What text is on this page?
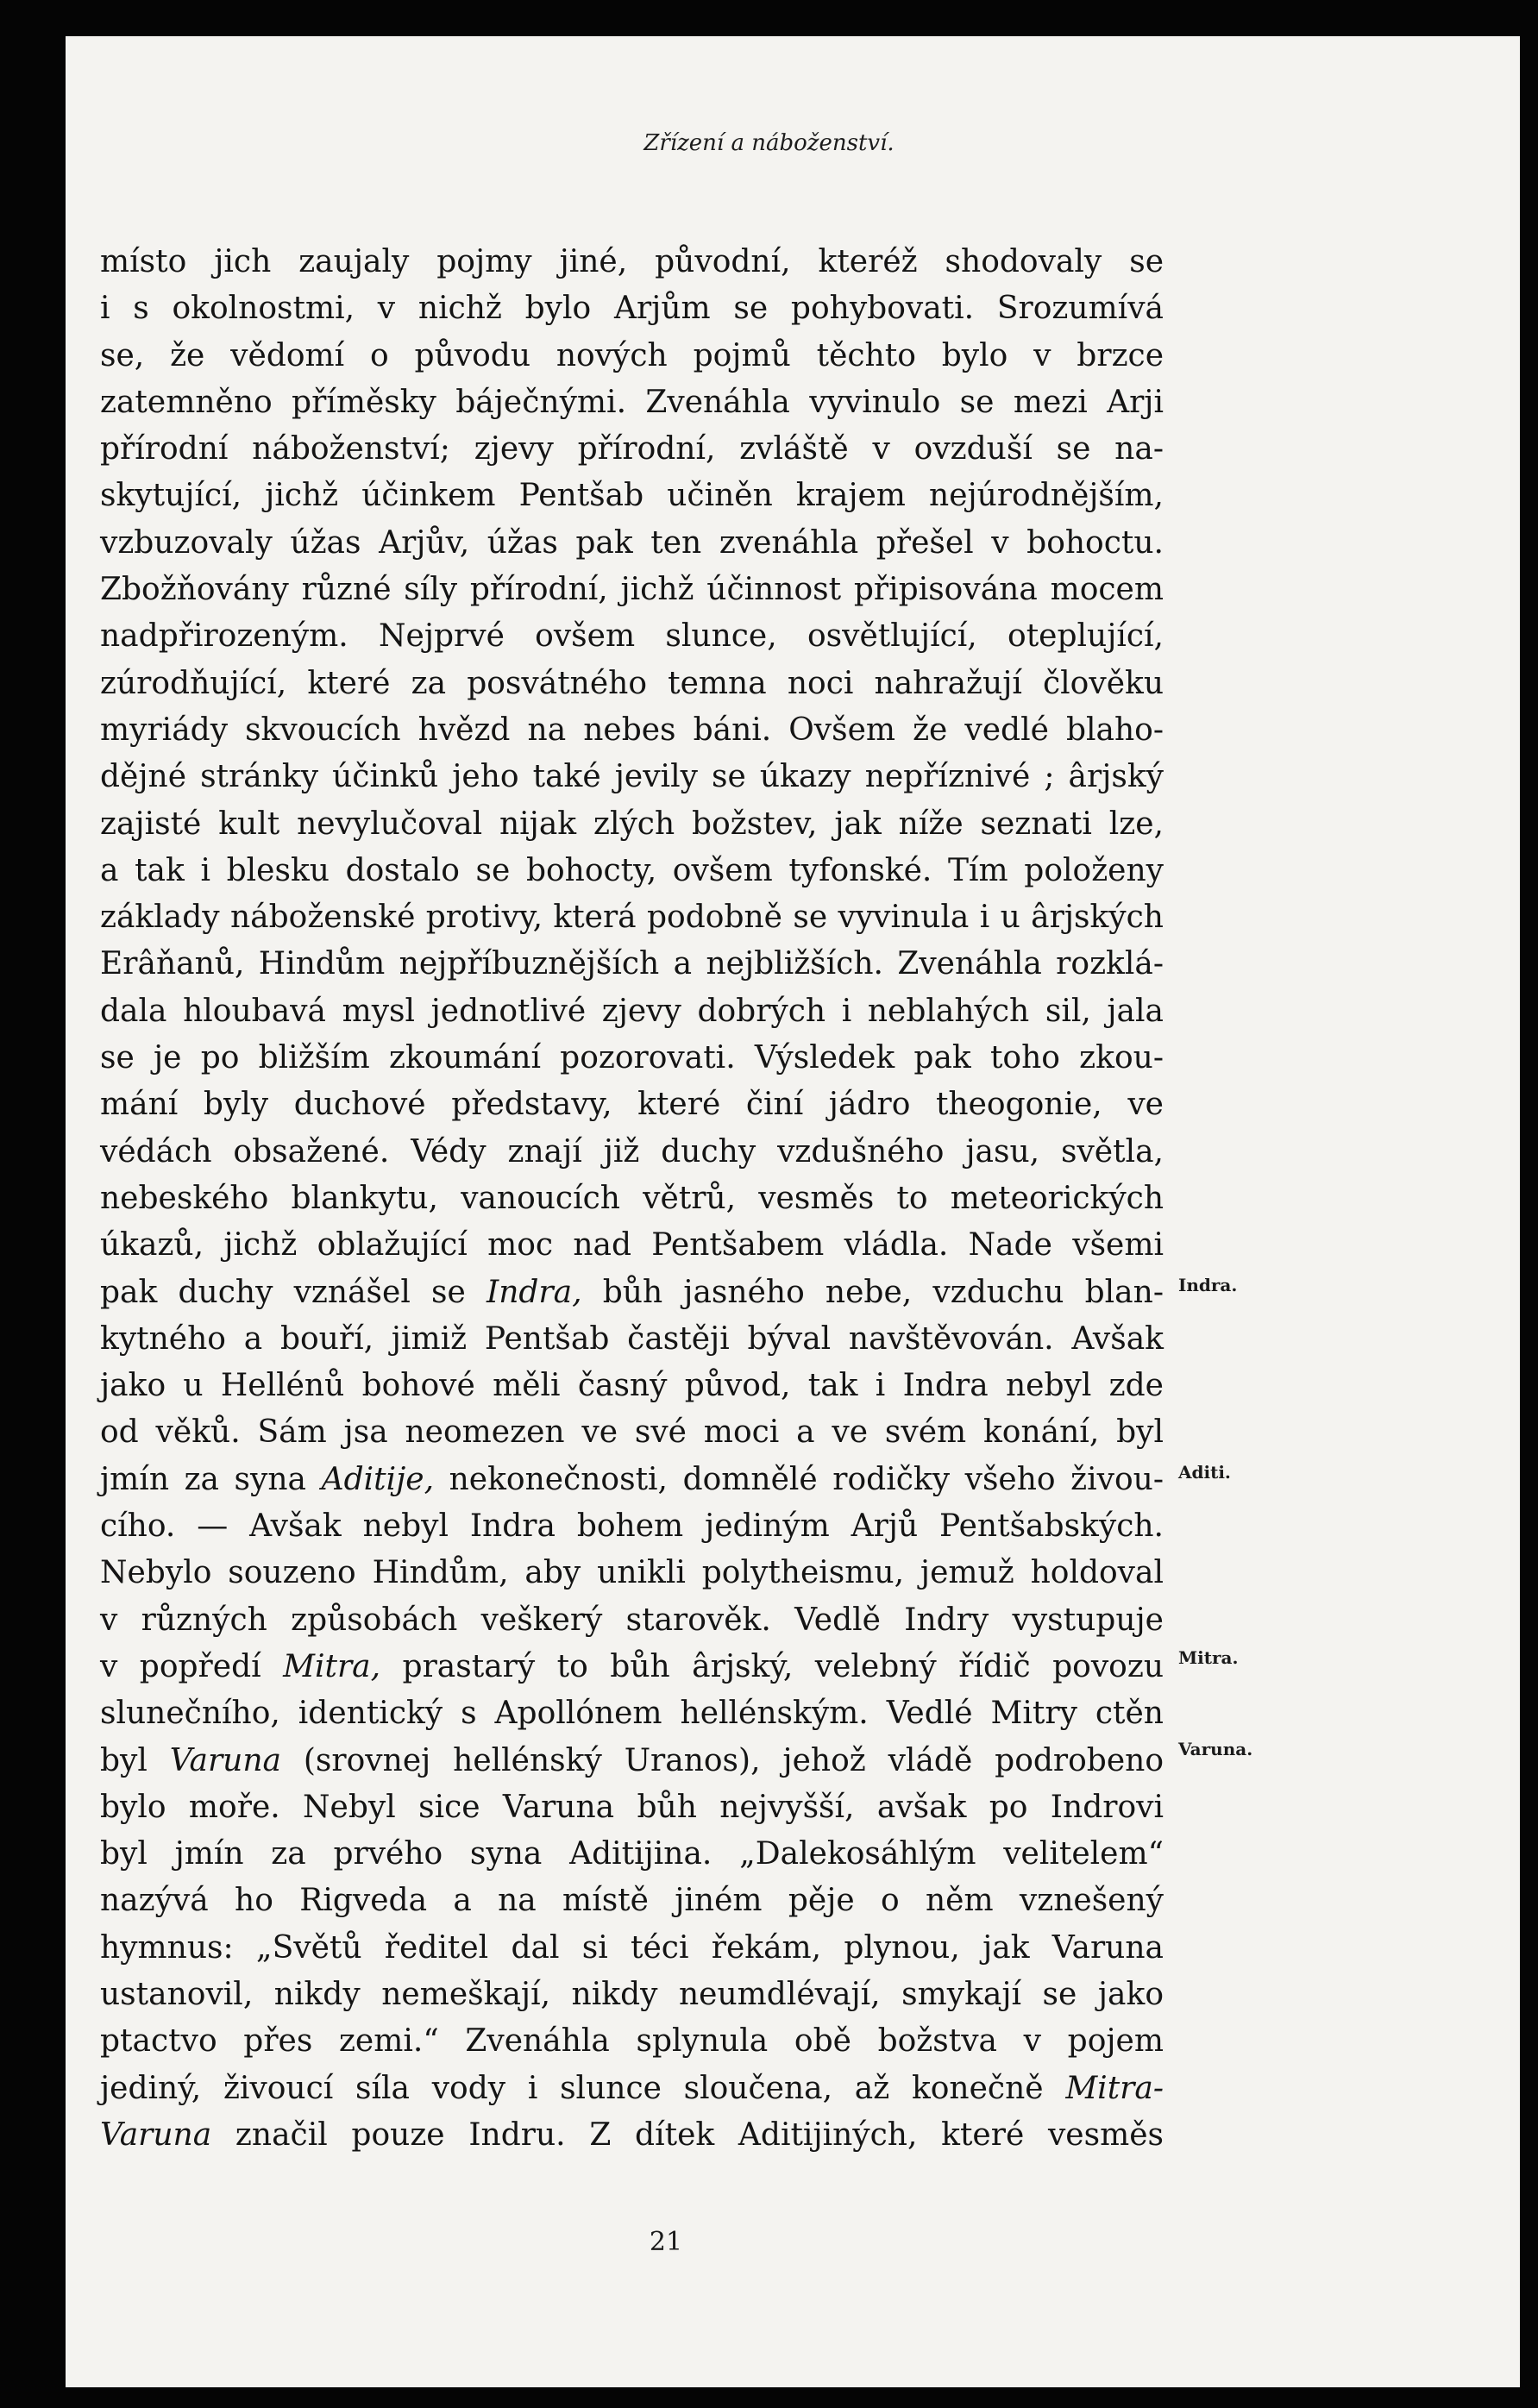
Zřízení a náboženství.
místo jich zaujaly pojmy jiné, původní, kteréž shodovaly se
i s okolnostmi, v nichž bylo Arjům se pohybovati. Srozumívá
se, že vědomí o původu nových pojmů těchto bylo v brzce
zatemněno příměsky báječnými. Zvenáhla vyvinulo se mezi Arji
přírodní náboženství; zjevy přírodní, zvláště v ovzduší se na-
skytující, jichž účinkem Pentšab učiněn krajem nejúrodnějším,
vzbuzovaly úžas Arjův, úžas pak ten zvenáhla přešel v bohoctu.
Zbožňovány různé síly přírodní, jichž účinnost připisována mocem
nadpřirozeným. Nejprvé ovšem slunce, osvětlující, oteplující,
zúrodňující, které za posvátného temna noci nahražují člověku
myriády skvoucích hvězd na nebes báni. Ovšem že vedlé blaho-
dějné stránky účinků jeho také jevily se úkazy nepříznivé ; ârjský
zajisté kult nevylučoval nijak zlých božstev, jak níže seznati lze,
a tak i blesku dostalo se bohocty, ovšem tyfonské. Tím položeny
základy náboženské protivy, která podobně se vyvinula i u ârjských
Erâňanů, Hindům nejpříbuznějších a nejbližších. Zvenáhla rozklá-
dala hloubavá mysl jednotlivé zjevy dobrých i neblahých sil, jala
se je po bližším zkoumání pozorovati. Výsledek pak toho zkou-
mání byly duchové představy, které činí jádro theogonie, ve
védách obsažené. Védy znají již duchy vzdušného jasu, světla,
nebeského blankytu, vanoucích větrů, vesměs to meteorických
úkazů, jichž oblažující moc nad Pentšabem vládla. Nade všemi
pak duchy vznášel se Indra, bůh jasného nebe, vzduchu blan-
kytného a bouří, jimiž Pentšab častěji býval navštěvován. Avšak
jako u Hellénů bohové měli časný původ, tak i Indra nebyl zde
od věků. Sám jsa neomezen ve své moci a ve svém konání, byl
jmín za syna Aditije, nekonečnosti, domnělé rodičky všeho živou-
cího. — Avšak nebyl Indra bohem jediným Arjů Pentšabských.
Nebylo souzeno Hindům, aby unikli polytheismu, jemuž holdoval
v různých způsobách veškerý starověk. Vedlě Indry vystupuje
v popředí Mitra, prastarý to bůh ârjský, velebný řídič povozu
slunečního, identický s Apollónem hellénským. Vedlé Mitry ctěn
byl Varuna (srovnej hellénský Uranos), jehož vládě podrobeno
bylo moře. Nebyl sice Varuna bůh nejvyšší, avšak po Indrovi
byl jmín za prvého syna Aditijina. „Dalekosáhlým velitelem“
nazývá ho Rigveda a na místě jiném pěje o něm vznešený
hymnus: „Světů ředitel dal si téci řekám, plynou, jak Varuna
ustanovil, nikdy nemeškají, nikdy neumdlévají, smykají se jako
ptactvo přes zemi.“ Zvenáhla splynula obě božstva v pojem
jediný, živoucí síla vody i slunce sloučena, až konečně Mitra-
Varuna značil pouze Indru. Z dítek Aditijiných, které vesměs
Indra.
Aditi.
Mitra.
Varuna.
21
